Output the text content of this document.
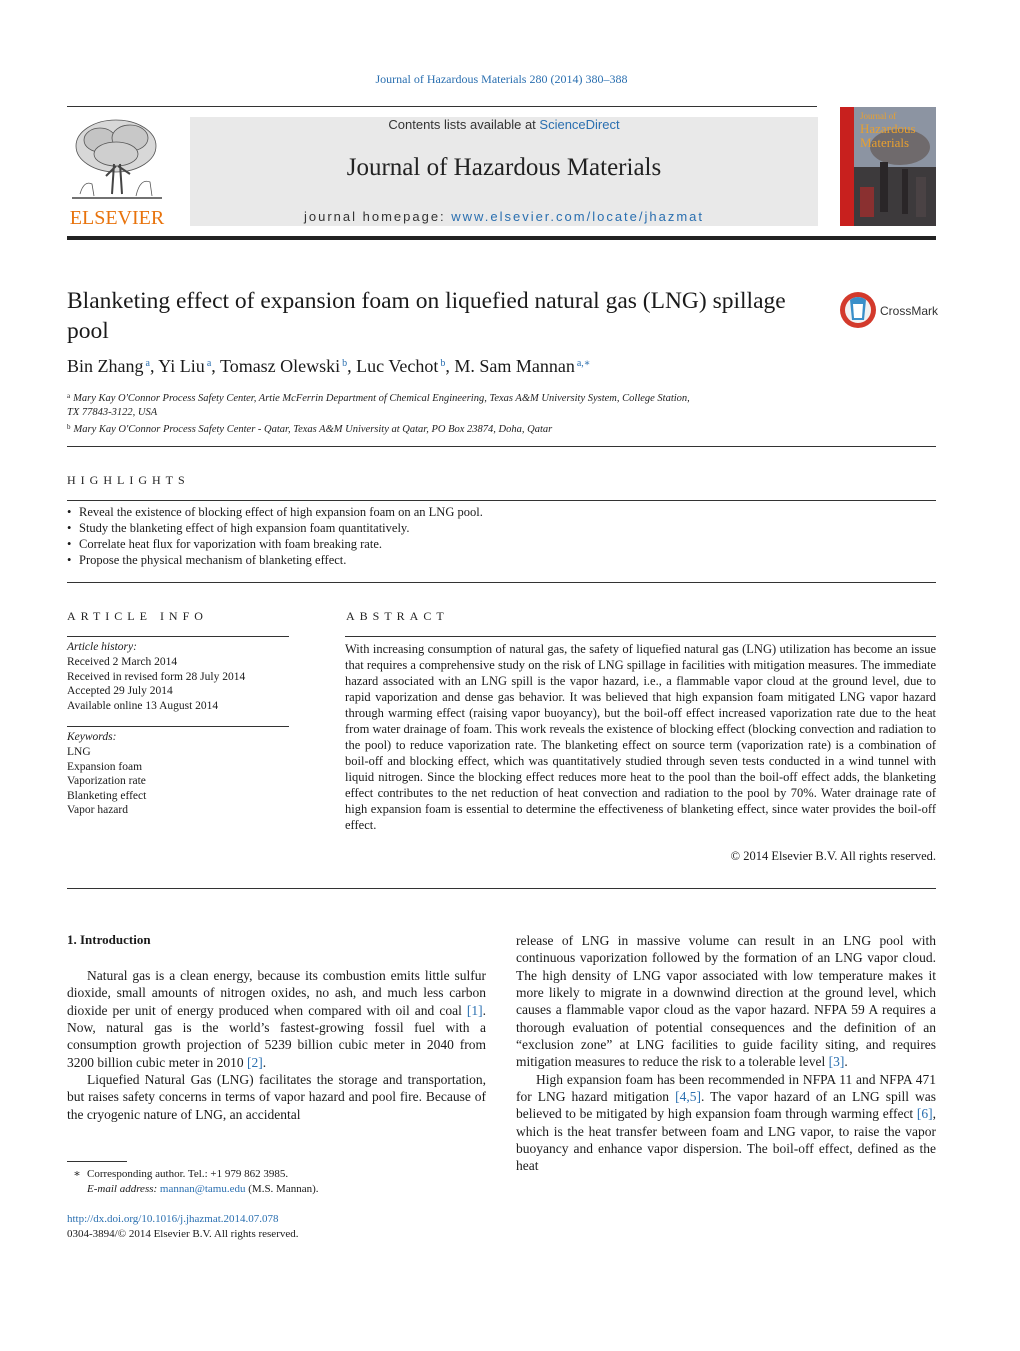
Journal of Hazardous Materials 280 (2014) 380–388
ELSEVIER
Contents lists available at ScienceDirect
Journal of Hazardous Materials
journal homepage: www.elsevier.com/locate/jhazmat
Journal of
Hazardous
Materials
Blanketing effect of expansion foam on liquefied natural gas (LNG) spillage pool
CrossMark
Bin Zhang $^a$, Yi Liu $^a$, Tomasz Olewski $^b$, Luc Vechot $^b$, M. Sam Mannan $^{a,∗}$
$^a$ Mary Kay O'Connor Process Safety Center, Artie McFerrin Department of Chemical Engineering, Texas A&M University System, College Station,
TX 77843-3122, USA
$^b$ Mary Kay O'Connor Process Safety Center - Qatar, Texas A&M University at Qatar, PO Box 23874, Doha, Qatar
HIGHLIGHTS
• Reveal the existence of blocking effect of high expansion foam on an LNG pool.
• Study the blanketing effect of high expansion foam quantitatively.
• Correlate heat flux for vaporization with foam breaking rate.
• Propose the physical mechanism of blanketing effect.
ARTICLE INFO
Article history:
Received 2 March 2014
Received in revised form 28 July 2014
Accepted 29 July 2014
Available online 13 August 2014
Keywords:
LNG
Expansion foam
Vaporization rate
Blanketing effect
Vapor hazard
ABSTRACT

With increasing consumption of natural gas, the safety of liquefied natural gas (LNG) utilization has become an issue that requires a comprehensive study on the risk of LNG spillage in facilities with mitigation measures. The immediate hazard associated with an LNG spill is the vapor hazard, i.e., a flammable vapor cloud at the ground level, due to rapid vaporization and dense gas behavior. It was believed that high expansion foam mitigated LNG vapor hazard through warming effect (raising vapor buoyancy), but the boil-off effect increased vaporization rate due to the heat from water drainage of foam. This work reveals the existence of blocking effect (blocking convection and radiation to the pool) to reduce vaporization rate. The blanketing effect on source term (vaporization rate) is a combination of boil-off and blocking effect, which was quantitatively studied through seven tests conducted in a wind tunnel with liquid nitrogen. Since the blocking effect reduces more heat to the pool than the boil-off effect adds, the blanketing effect contributes to the net reduction of heat convection and radiation to the pool by 70%. Water drainage rate of high expansion foam is essential to determine the effectiveness of blanketing effect, since water provides the boil-off effect.

© 2014 Elsevier B.V. All rights reserved.
1. Introduction

Natural gas is a clean energy, because its combustion emits little sulfur dioxide, small amounts of nitrogen oxides, no ash, and much less carbon dioxide per unit of energy produced when compared with oil and coal [1]. Now, natural gas is the world’s fastest-growing fossil fuel with a consumption growth projection of 5239 billion cubic meter in 2040 from 3200 billion cubic meter in 2010 [2].

Liquefied Natural Gas (LNG) facilitates the storage and transportation, but raises safety concerns in terms of vapor hazard and pool fire. Because of the cryogenic nature of LNG, an accidental

release of LNG in massive volume can result in an LNG pool with continuous vaporization followed by the formation of an LNG vapor cloud. The high density of LNG vapor associated with low temperature makes it more likely to migrate in a downwind direction at the ground level, which causes a flammable vapor cloud as the vapor hazard. NFPA 59 A requires a thorough evaluation of potential consequences and the definition of an “exclusion zone” at LNG facilities to guide facility siting, and requires mitigation measures to reduce the risk to a tolerable level [3].

High expansion foam has been recommended in NFPA 11 and NFPA 471 for LNG hazard mitigation [4,5]. The vapor hazard of an LNG spill was believed to be mitigated by high expansion foam through warming effect [6], which is the heat transfer between foam and LNG vapor, to raise the vapor buoyancy and enhance vapor dispersion. The boil-off effect, defined as the heat

∗ Corresponding author. Tel.: +1 979 862 3985.
E-mail address: mannan@tamu.edu (M.S. Mannan).
http://dx.doi.org/10.1016/j.jhazmat.2014.07.078
0304-3894/© 2014 Elsevier B.V. All rights reserved.
